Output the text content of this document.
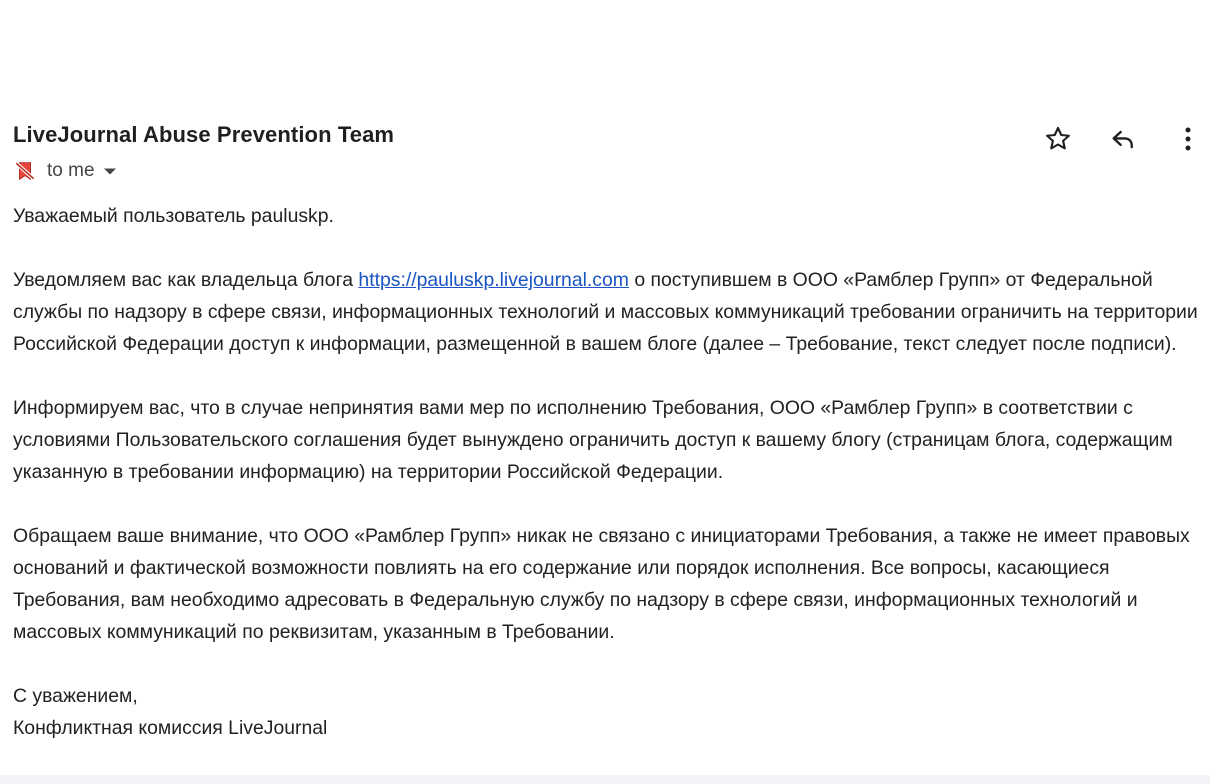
LiveJournal Abuse Prevention Team
to me

Уважаемый пользователь pauluskp.

Уведомляем вас как владельца блога https://pauluskp.livejournal.com о поступившем в ООО «Рамблер Групп» от Федеральной службы по надзору в сфере связи, информационных технологий и массовых коммуникаций требовании ограничить на территории Российской Федерации доступ к информации, размещенной в вашем блоге (далее – Требование, текст следует после подписи).

Информируем вас, что в случае непринятия вами мер по исполнению Требования, ООО «Рамблер Групп» в соответствии с условиями Пользовательского соглашения будет вынуждено ограничить доступ к вашему блогу (страницам блога, содержащим указанную в требовании информацию) на территории Российской Федерации.

Обращаем ваше внимание, что ООО «Рамблер Групп» никак не связано с инициаторами Требования, а также не имеет правовых оснований и фактической возможности повлиять на его содержание или порядок исполнения. Все вопросы, касающиеся Требования, вам необходимо адресовать в Федеральную службу по надзору в сфере связи, информационных технологий и массовых коммуникаций по реквизитам, указанным в Требовании.

С уважением,
Конфликтная комиссия LiveJournal
